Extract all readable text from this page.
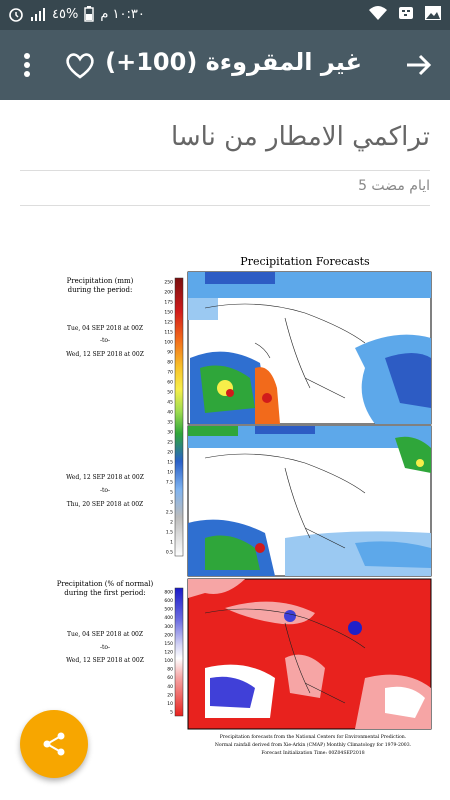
١٠:٣٠ م
%٤٥
غير المقروءة (100+)
تراكمي الامطار من ناسا
ايام مضت 5
Precipitation Forecasts
Precipitation (mm)
during the period:
Tue, 04 SEP 2018 at 00Z
-to-
Wed, 12 SEP 2018 at 00Z
Wed, 12 SEP 2018 at 00Z
-to-
Thu, 20 SEP 2018 at 00Z
Precipitation (% of normal)
during the first period:
Tue, 04 SEP 2018 at 00Z
-to-
Wed, 12 SEP 2018 at 00Z
250
200
175
150
125
115
100
90
80
70
60
50
45
40
35
30
25
20
15
10
7.5
5
3
2.5
2
1.5
1
0.5
800
600
500
400
300
200
150
120
100
80
60
40
20
10
5
Precipitation forecasts from the National Centers for Environmental Prediction.
Normal rainfall derived from Xie-Arkin (CMAP) Monthly Climatology for 1979-2003.
Forecast Initialization Time: 00Z04SEP2018
